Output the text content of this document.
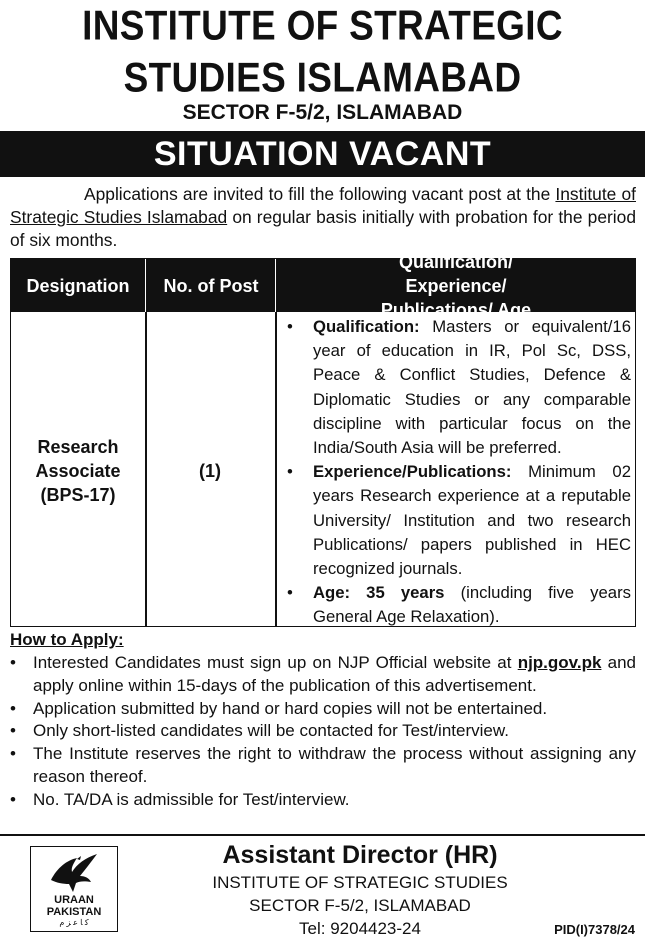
INSTITUTE OF STRATEGIC
STUDIES ISLAMABAD
SECTOR F-5/2, ISLAMABAD
SITUATION VACANT
Applications are invited to fill the following vacant post at the Institute of Strategic Studies Islamabad on regular basis initially with probation for the period of six months.
Designation	No. of Post
Qualification/ Experience/ Publications/ Age
Research
Associate
(BPS-17)
(1)
• Qualification: Masters or equivalent/16 year of education in IR, Pol Sc, DSS, Peace & Conflict Studies, Defence & Diplomatic Studies or any comparable discipline with particular focus on the India/South Asia will be preferred.
• Experience/Publications: Minimum 02 years Research experience at a reputable University/ Institution and two research Publications/ papers published in HEC recognized journals.
• Age: 35 years (including five years General Age Relaxation).
How to Apply:
• Interested Candidates must sign up on NJP Official website at njp.gov.pk and apply online within 15-days of the publication of this advertisement.
• Application submitted by hand or hard copies will not be entertained.
• Only short-listed candidates will be contacted for Test/interview.
• The Institute reserves the right to withdraw the process without assigning any reason thereof.
• No. TA/DA is admissible for Test/interview.
URAAN
PAKISTAN
ﮐ ﺎ ﻋ ﺰ ﻡ
Assistant Director (HR)
INSTITUTE OF STRATEGIC STUDIES
SECTOR F-5/2, ISLAMABAD
Tel: 9204423-24	PID(I)7378/24
